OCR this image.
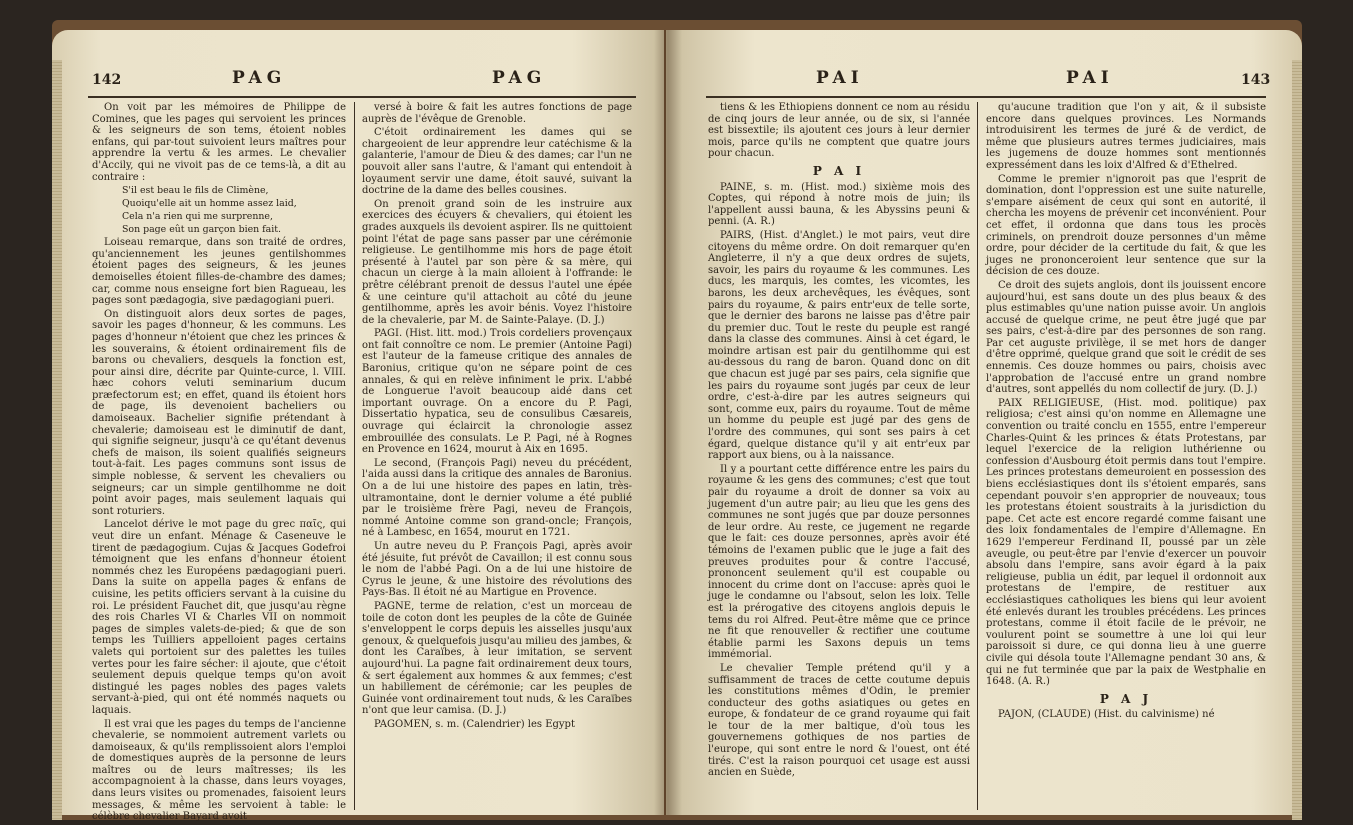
142	PAG	PAG

On voit par les mémoires de Philippe de Comines, que les pages qui servoient les princes & les seigneurs de son tems, étoient nobles enfans, qui par-tout suivoient leurs maîtres pour apprendre la vertu & les armes. Le chevalier d'Accily, qui ne vivoit pas de ce tems-là, a dit au contraire :

S'il est beau le fils de Climène,

Quoiqu'elle ait un homme assez laid,

Cela n'a rien qui me surprenne,

Son page eût un garçon bien fait.

Loiseau remarque, dans son traité de ordres, qu'anciennement les jeunes gentilshommes étoient pages des seigneurs, & les jeunes demoiselles étoient filles-de-chambre des dames; car, comme nous enseigne fort bien Ragueau, les pages sont pædagogia, sive pædagogiani pueri.

On distinguoit alors deux sortes de pages, savoir les pages d'honneur, & les communs. Les pages d'honneur n'étoient que chez les princes & les souverains, & étoient ordinairement fils de barons ou chevaliers, desquels la fonction est, pour ainsi dire, décrite par Quinte-curce, l. VIII. hæc cohors veluti seminarium ducum præfectorum est; en effet, quand ils étoient hors de page, ils devenoient bacheliers ou damoiseaux. Bachelier signifie prétendant à chevalerie; damoiseau est le diminutif de dant, qui signifie seigneur, jusqu'à ce qu'étant devenus chefs de maison, ils soient qualifiés seigneurs tout-à-fait. Les pages communs sont issus de simple noblesse, & servent les chevaliers ou seigneurs; car un simple gentilhomme ne doit point avoir pages, mais seulement laquais qui sont roturiers.

Lancelot dérive le mot page du grec παῖς, qui veut dire un enfant. Ménage & Caseneuve le tirent de pædagogium. Cujas & Jacques Godefroi témoignent que les enfans d'honneur étoient nommés chez les Européens pædagogiani pueri. Dans la suite on appella pages & enfans de cuisine, les petits officiers servant à la cuisine du roi. Le président Fauchet dit, que jusqu'au règne des rois Charles VI & Charles VII on nommoit pages de simples valets-de-pied; & que de son temps les Tuilliers appelloient pages certains valets qui portoient sur des palettes les tuiles vertes pour les faire sécher: il ajoute, que c'étoit seulement depuis quelque temps qu'on avoit distingué les pages nobles des pages valets servant-à-pied, qui ont été nommés naquets ou laquais.

Il est vrai que les pages du temps de l'ancienne chevalerie, se nommoient autrement varlets ou damoiseaux, & qu'ils remplissoient alors l'emploi de domestiques auprès de la personne de leurs maîtres ou de leurs maîtresses; ils les accompagnoient à la chasse, dans leurs voyages, dans leurs visites ou promenades, faisoient leurs messages, & même les servoient à table: le célèbre chevalier Bayard avoit

versé à boire & fait les autres fonctions de page auprès de l'évêque de Grenoble.

C'étoit ordinairement les dames qui se chargeoient de leur apprendre leur catéchisme & la galanterie, l'amour de Dieu & des dames; car l'un ne pouvoit aller sans l'autre, & l'amant qui entendoit à loyaument servir une dame, étoit sauvé, suivant la doctrine de la dame des belles cousines.

On prenoit grand soin de les instruire aux exercices des écuyers & chevaliers, qui étoient les grades auxquels ils devoient aspirer. Ils ne quittoient point l'état de page sans passer par une cérémonie religieuse. Le gentilhomme mis hors de page étoit présenté à l'autel par son père & sa mère, qui chacun un cierge à la main alloient à l'offrande: le prêtre célébrant prenoit de dessus l'autel une épée & une ceinture qu'il attachoit au côté du jeune gentilhomme, après les avoir bénis. Voyez l'histoire de la chevalerie, par M. de Sainte-Palaye. (D. J.)

PAGI. (Hist. litt. mod.) Trois cordeliers provençaux ont fait connoître ce nom. Le premier (Antoine Pagi) est l'auteur de la fameuse critique des annales de Baronius, critique qu'on ne sépare point de ces annales, & qui en relève infiniment le prix. L'abbé de Longuerue l'avoit beaucoup aidé dans cet important ouvrage. On a encore du P. Pagi, Dissertatio hypatica, seu de consulibus Cæsareis, ouvrage qui éclaircit la chronologie assez embrouillée des consulats. Le P. Pagi, né à Rognes en Provence en 1624, mourut à Aix en 1695.

Le second, (François Pagi) neveu du précédent, l'aida aussi dans la critique des annales de Baronius. On a de lui une histoire des papes en latin, très-ultramontaine, dont le dernier volume a été publié par le troisième frère Pagi, neveu de François, nommé Antoine comme son grand-oncle; François, né à Lambesc, en 1654, mourut en 1721.

Un autre neveu du P. François Pagi, après avoir été jésuite, fut prévôt de Cavaillon; il est connu sous le nom de l'abbé Pagi. On a de lui une histoire de Cyrus le jeune, & une histoire des révolutions des Pays-Bas. Il étoit né au Martigue en Provence.

PAGNE, terme de relation, c'est un morceau de toile de coton dont les peuples de la côte de Guinée s'enveloppent le corps depuis les aisselles jusqu'aux genoux, & quelquefois jusqu'au milieu des jambes, & dont les Caraïbes, à leur imitation, se servent aujourd'hui. La pagne fait ordinairement deux tours, & sert également aux hommes & aux femmes; c'est un habillement de cérémonie; car les peuples de Guinée vont ordinairement tout nuds, & les Caraïbes n'ont que leur camisa. (D. J.)

PAGOMEN, s. m. (Calendrier) les Egypt

PAI	PAI	143

tiens & les Ethiopiens donnent ce nom au résidu de cinq jours de leur année, ou de six, si l'année est bissextile; ils ajoutent ces jours à leur dernier mois, parce qu'ils ne comptent que quatre jours pour chacun.

P A I

PAINE, s. m. (Hist. mod.) sixième mois des Coptes, qui répond à notre mois de juin; ils l'appellent aussi bauna, & les Abyssins peuni & penni. (A. R.)

PAIRS, (Hist. d'Anglet.) le mot pairs, veut dire citoyens du même ordre. On doit remarquer qu'en Angleterre, il n'y a que deux ordres de sujets, savoir, les pairs du royaume & les communes. Les ducs, les marquis, les comtes, les vicomtes, les barons, les deux archevêques, les évêques, sont pairs du royaume, & pairs entr'eux de telle sorte, que le dernier des barons ne laisse pas d'être pair du premier duc. Tout le reste du peuple est rangé dans la classe des communes. Ainsi à cet égard, le moindre artisan est pair du gentilhomme qui est au-dessous du rang de baron. Quand donc on dit que chacun est jugé par ses pairs, cela signifie que les pairs du royaume sont jugés par ceux de leur ordre, c'est-à-dire par les autres seigneurs qui sont, comme eux, pairs du royaume. Tout de même un homme du peuple est jugé par des gens de l'ordre des communes, qui sont ses pairs à cet égard, quelque distance qu'il y ait entr'eux par rapport aux biens, ou à la naissance.

Il y a pourtant cette différence entre les pairs du royaume & les gens des communes; c'est que tout pair du royaume a droit de donner sa voix au jugement d'un autre pair; au lieu que les gens des communes ne sont jugés que par douze personnes de leur ordre. Au reste, ce jugement ne regarde que le fait: ces douze personnes, après avoir été témoins de l'examen public que le juge a fait des preuves produites pour & contre l'accusé, prononcent seulement qu'il est coupable ou innocent du crime dont on l'accuse: après quoi le juge le condamne ou l'absout, selon les loix. Telle est la prérogative des citoyens anglois depuis le tems du roi Alfred. Peut-être même que ce prince ne fit que renouveller & rectifier une coutume établie parmi les Saxons depuis un tems immémorial.

Le chevalier Temple prétend qu'il y a suffisamment de traces de cette coutume depuis les constitutions mêmes d'Odin, le premier conducteur des goths asiatiques ou getes en europe, & fondateur de ce grand royaume qui fait le tour de la mer baltique, d'où tous les gouvernemens gothiques de nos parties de l'europe, qui sont entre le nord & l'ouest, ont été tirés. C'est la raison pourquoi cet usage est aussi ancien en Suède,

qu'aucune tradition que l'on y ait, & il subsiste encore dans quelques provinces. Les Normands introduisirent les termes de juré & de verdict, de même que plusieurs autres termes judiciaires, mais les jugemens de douze hommes sont mentionnés expressément dans les loix d'Alfred & d'Ethelred.

Comme le premier n'ignoroit pas que l'esprit de domination, dont l'oppression est une suite naturelle, s'empare aisément de ceux qui sont en autorité, il chercha les moyens de prévenir cet inconvénient. Pour cet effet, il ordonna que dans tous les procès criminels, on prendroit douze personnes d'un même ordre, pour décider de la certitude du fait, & que les juges ne prononceroient leur sentence que sur la décision de ces douze.

Ce droit des sujets anglois, dont ils jouissent encore aujourd'hui, est sans doute un des plus beaux & des plus estimables qu'une nation puisse avoir. Un anglois accusé de quelque crime, ne peut être jugé que par ses pairs, c'est-à-dire par des personnes de son rang. Par cet auguste privilège, il se met hors de danger d'être opprimé, quelque grand que soit le crédit de ses ennemis. Ces douze hommes ou pairs, choisis avec l'approbation de l'accusé entre un grand nombre d'autres, sont appellés du nom collectif de jury. (D. J.)

PAIX RELIGIEUSE, (Hist. mod. politique) pax religiosa; c'est ainsi qu'on nomme en Allemagne une convention ou traité conclu en 1555, entre l'empereur Charles-Quint & les princes & états Protestans, par lequel l'exercice de la religion luthérienne ou confession d'Ausbourg étoit permis dans tout l'empire. Les princes protestans demeuroient en possession des biens ecclésiastiques dont ils s'étoient emparés, sans cependant pouvoir s'en approprier de nouveaux; tous les protestans étoient soustraits à la jurisdiction du pape. Cet acte est encore regardé comme faisant une des loix fondamentales de l'empire d'Allemagne. En 1629 l'empereur Ferdinand II, poussé par un zèle aveugle, ou peut-être par l'envie d'exercer un pouvoir absolu dans l'empire, sans avoir égard à la paix religieuse, publia un édit, par lequel il ordonnoit aux protestans de l'empire, de restituer aux ecclésiastiques catholiques les biens qui leur avoient été enlevés durant les troubles précédens. Les princes protestans, comme il étoit facile de le prévoir, ne voulurent point se soumettre à une loi qui leur paroissoit si dure, ce qui donna lieu à une guerre civile qui désola toute l'Allemagne pendant 30 ans, & qui ne fut terminée que par la paix de Westphalie en 1648. (A. R.)

P A J

PAJON, (CLAUDE) (Hist. du calvinisme) né
